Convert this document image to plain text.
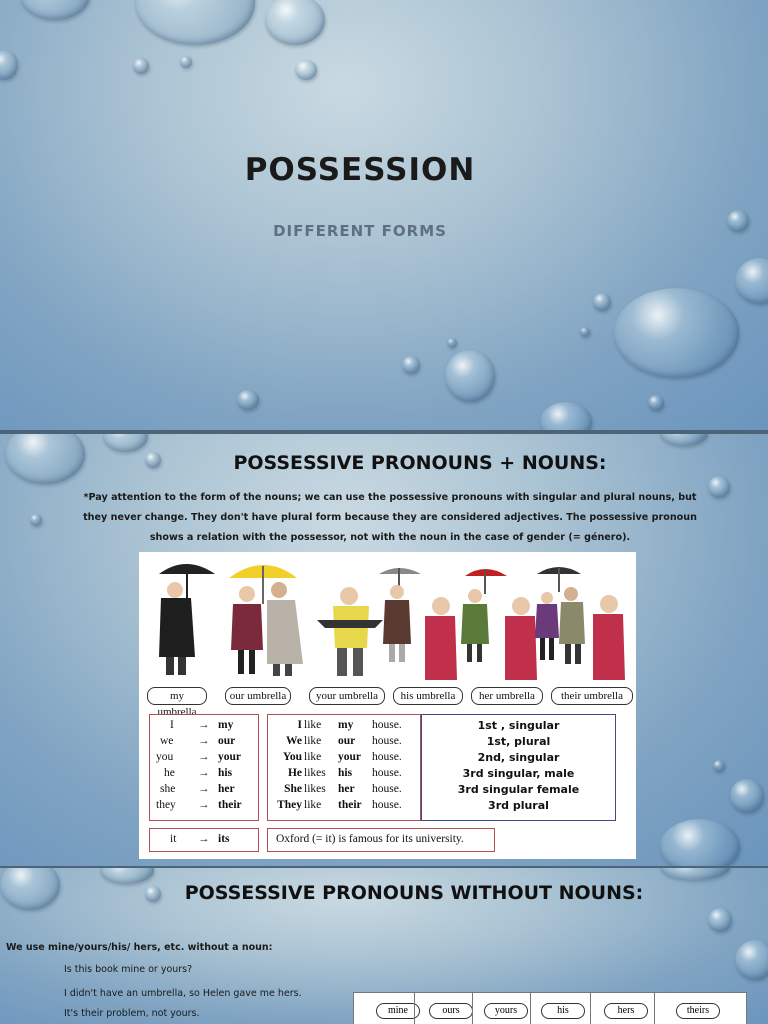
POSSESSION
DIFFERENT FORMS
POSSESSIVE PRONOUNS + NOUNS:
*Pay attention to the form of the nouns; we can use the possessive pronouns with singular and plural nouns, but they never change. They don't have plural form because they are considered adjectives. The possessive pronoun shows a relation with the possessor, not with the noun in the case of gender (= género).
my umbrella
our umbrella	your umbrella	his umbrella	her umbrella	their umbrella
I → my
we → our
you → your
he → his
she → her
they → their
I like my house.
We like our house.
You like your house.
He likes his house.
She likes her house.
They like their house.
1st , singular
1st, plural
2nd, singular
3rd singular, male
3rd singular female
3rd plural
it → its	Oxford (= it) is famous for its university.
POSSESSIVE PRONOUNS WITHOUT NOUNS:
We use mine/yours/his/ hers, etc. without a noun:
Is this book mine or yours?
I didn't have an umbrella, so Helen gave me hers.
It's their problem, not yours.	mine	ours	yours	his	hers	theirs
